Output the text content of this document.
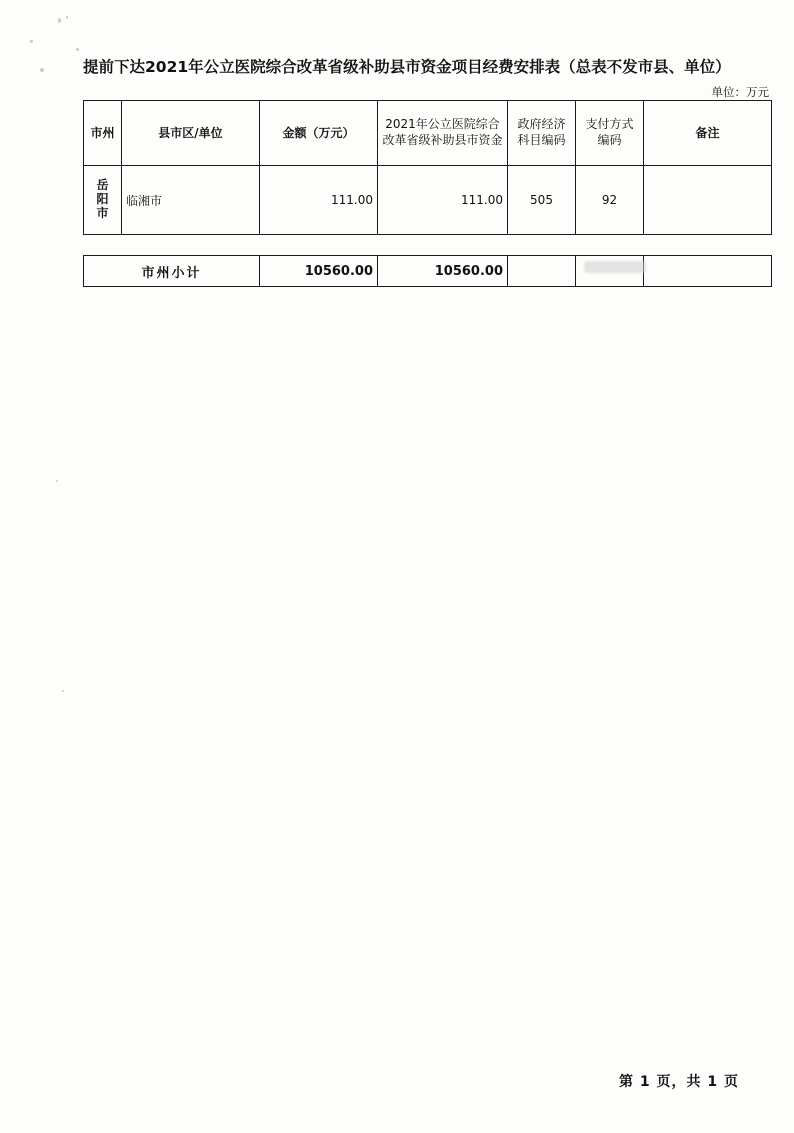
提前下达2021年公立医院综合改革省级补助县市资金项目经费安排表（总表不发市县、单位）
单位：万元
市州	县市区/单位	金额（万元）	2021年公立医院综合改革省级补助县市资金	政府经济科目编码	支付方式编码	备注

岳
阳
市	临湘市	111.00	111.00	505	92	
市州小计	10560.00	10560.00			
第 1 页，共 1 页
